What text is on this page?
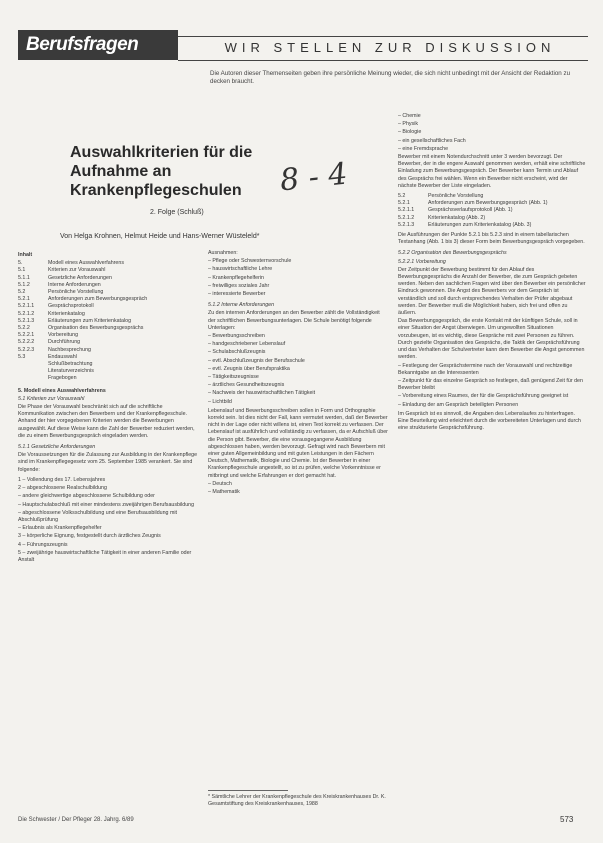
Berufsfragen	WIR STELLEN ZUR DISKUSSION
Die Autoren dieser Themenseiten geben ihre persönliche Meinung wieder, die sich nicht unbedingt mit der Ansicht der Redaktion zu decken braucht.
Auswahlkriterien für die Aufnahme an Krankenpflegeschulen	8 - 4
2. Folge (Schluß)
Von Helga Krohnen, Helmut Heide und Hans-Werner Wüsteleld*

Inhalt

5.	Modell eines Auswahlverfahrens
5.1	Kriterien zur Vorauswahl
5.1.1	Gesetzliche Anforderungen
5.1.2	Interne Anforderungen
5.2	Persönliche Vorstellung
5.2.1	Anforderungen zum Bewerbungsgespräch
5.2.1.1	Gesprächsprotokoll
5.2.1.2	Kriterienkatalog
5.2.1.3	Erläuterungen zum Kriterienkatalog
5.2.2	Organisation des Bewerbungsgesprächs
5.2.2.1	Vorbereitung
5.2.2.2	Durchführung
5.2.2.3	Nachbesprechung
5.3	Endauswahl
Schlußbetrachtung
Literaturverzeichnis
Fragebogen

5. Modell eines Auswahlverfahrens

5.1 Kriterien zur Vorauswahl

Die Phase der Vorauswahl beschränkt sich auf die schriftliche Kommunikation zwischen den Bewerbern und der Krankenpflegeschule. Anhand der hier vorgegebenen Kriterien werden die Bewerbungen ausgewählt. Auf diese Weise kann die Zahl der Bewerber reduziert werden, die zu einem Bewerbungsgespräch eingeladen werden.

5.1.1 Gesetzliche Anforderungen

Die Voraussetzungen für die Zulassung zur Ausbildung in der Krankenpflege sind im Krankenpflegegesetz vom 25. September 1985 verankert. Sie sind folgende:

1 – Vollendung des 17. Lebensjahres

2 – abgeschlossene Realschulbildung

– andere gleichwertige abgeschlossene Schulbildung oder

– Hauptschulabschluß mit einer mindestens zweijährigen Berufsausbildung

– abgeschlossene Volksschulbildung und eine Berufsausbildung mit Abschlußprüfung

– Erlaubnis als Krankenpflegehelfer

3 – körperliche Eignung, festgestellt durch ärztliches Zeugnis

4 – Führungszeugnis

5 – zweijährige hauswirtschaftliche Tätigkeit in einer anderen Familie oder Anstalt

Ausnahmen:

– Pflege oder Schwesternvorschule

– hauswirtschaftliche Lehre

– Krankenpflegehelferin

– freiwilliges soziales Jahr

– interessierte Bewerber

5.1.2 Interne Anforderungen

Zu den internen Anforderungen an den Bewerber zählt die Vollständigkeit der schriftlichen Bewerbungsunterlagen. Die Schule benötigt folgende Unterlagen:

– Bewerbungsschreiben

– handgeschriebener Lebenslauf

– Schulabschlußzeugnis

– evtl. Abschlußzeugnis der Berufsschule

– evtl. Zeugnis über Berufspraktika

– Tätigkeitszeugnisse

– ärztliches Gesundheitszeugnis

– Nachweis der hauswirtschaftlichen Tätigkeit

– Lichtbild

Lebenslauf und Bewerbungsschreiben sollen in Form und Orthographie korrekt sein. Ist dies nicht der Fall, kann vermutet werden, daß der Bewerber nicht in der Lage oder nicht willens ist, einen Text korrekt zu verfassen. Der Lebenslauf ist ausführlich und vollständig zu verfassen, da er Aufschluß über die Person gibt. Bewerber, die eine vorausgegangene Ausbildung abgeschlossen haben, werden bevorzugt. Gefragt wird nach Bewerbern mit einer guten Allgemeinbildung und mit guten Leistungen in den Fächern Deutsch, Mathematik, Biologie und Chemie. Ist der Bewerber in einer Krankenpflegeschule angestellt, so ist zu prüfen, welche Vorkenntnisse er mitbringt und welche Erfahrungen er dort gemacht hat.

– Deutsch

– Mathematik

* Sämtliche Lehrer der Krankenpflegeschule des Kreiskrankenhauses Dr. K. Gesamtstiftung des Kreiskrankenhauses, 1988

– Chemie

– Physik

– Biologie

– ein gesellschaftliches Fach

– eine Fremdsprache

Bewerber mit einem Notendurchschnitt unter 3 werden bevorzugt. Der Bewerber, der in die engere Auswahl genommen werden, erhält eine schriftliche Einladung zum Bewerbungsgespräch. Der Bewerber kann Termin und Ablauf des Gesprächs frei wählen. Wenn ein Bewerber nicht erscheint, wird der nächste Bewerber der Liste eingeladen.

5.2	Persönliche Vorstellung
5.2.1	Anforderungen zum Bewerbungsgespräch (Abb. 1)
5.2.1.1	Gesprächsverlaufsprotokoll (Abb. 1)
5.2.1.2	Kriterienkatalog (Abb. 2)
5.2.1.3	Erläuterungen zum Kriterienkatalog (Abb. 3)

Die Ausführungen der Punkte 5.2.1 bis 5.2.3 sind in einem tabellarischen Textanhang (Abb. 1 bis 3) dieser Form beim Bewerbungsgespräch vorgegeben.

5.2.2 Organisation des Bewerbungsgesprächs

5.2.2.1 Vorbereitung

Der Zeitpunkt der Bewerbung bestimmt für den Ablauf des Bewerbungsgesprächs die Anzahl der Bewerber, die zum Gespräch gebeten werden. Neben den sachlichen Fragen wird über den Bewerber ein persönlicher Eindruck gewonnen. Die Angst des Bewerbers vor dem Gespräch ist verständlich und soll durch entsprechendes Verhalten der Prüfer abgebaut werden. Der Bewerber muß die Möglichkeit haben, sich frei und offen zu äußern.

Das Bewerbungsgespräch, die erste Kontakt mit der künftigen Schule, soll in einer Situation der Angst überwiegen. Um ungewollten Situationen vorzubeugen, ist es wichtig, diese Gespräche mit zwei Personen zu führen. Durch gezielte Organisation des Gesprächs, die Taktik der Gesprächsführung und das Verhalten der Schulvertreter kann dem Bewerber die Angst genommen werden.

– Festlegung der Gesprächstermine nach der Vorauswahl und rechtzeitige Bekanntgabe an die Interessenten

– Zeitpunkt für das einzelne Gespräch so festlegen, daß genügend Zeit für den Bewerber bleibt

– Vorbereitung eines Raumes, der für die Gesprächsführung geeignet ist

– Einladung der am Gespräch beteiligten Personen

Im Gespräch ist es sinnvoll, die Angaben des Lebenslaufes zu hinterfragen. Eine Beurteilung wird erleichtert durch die vorbereiteten Unterlagen und durch eine strukturierte Gesprächsführung.

Die Schwester / Der Pfleger 28. Jahrg. 6/89	573
